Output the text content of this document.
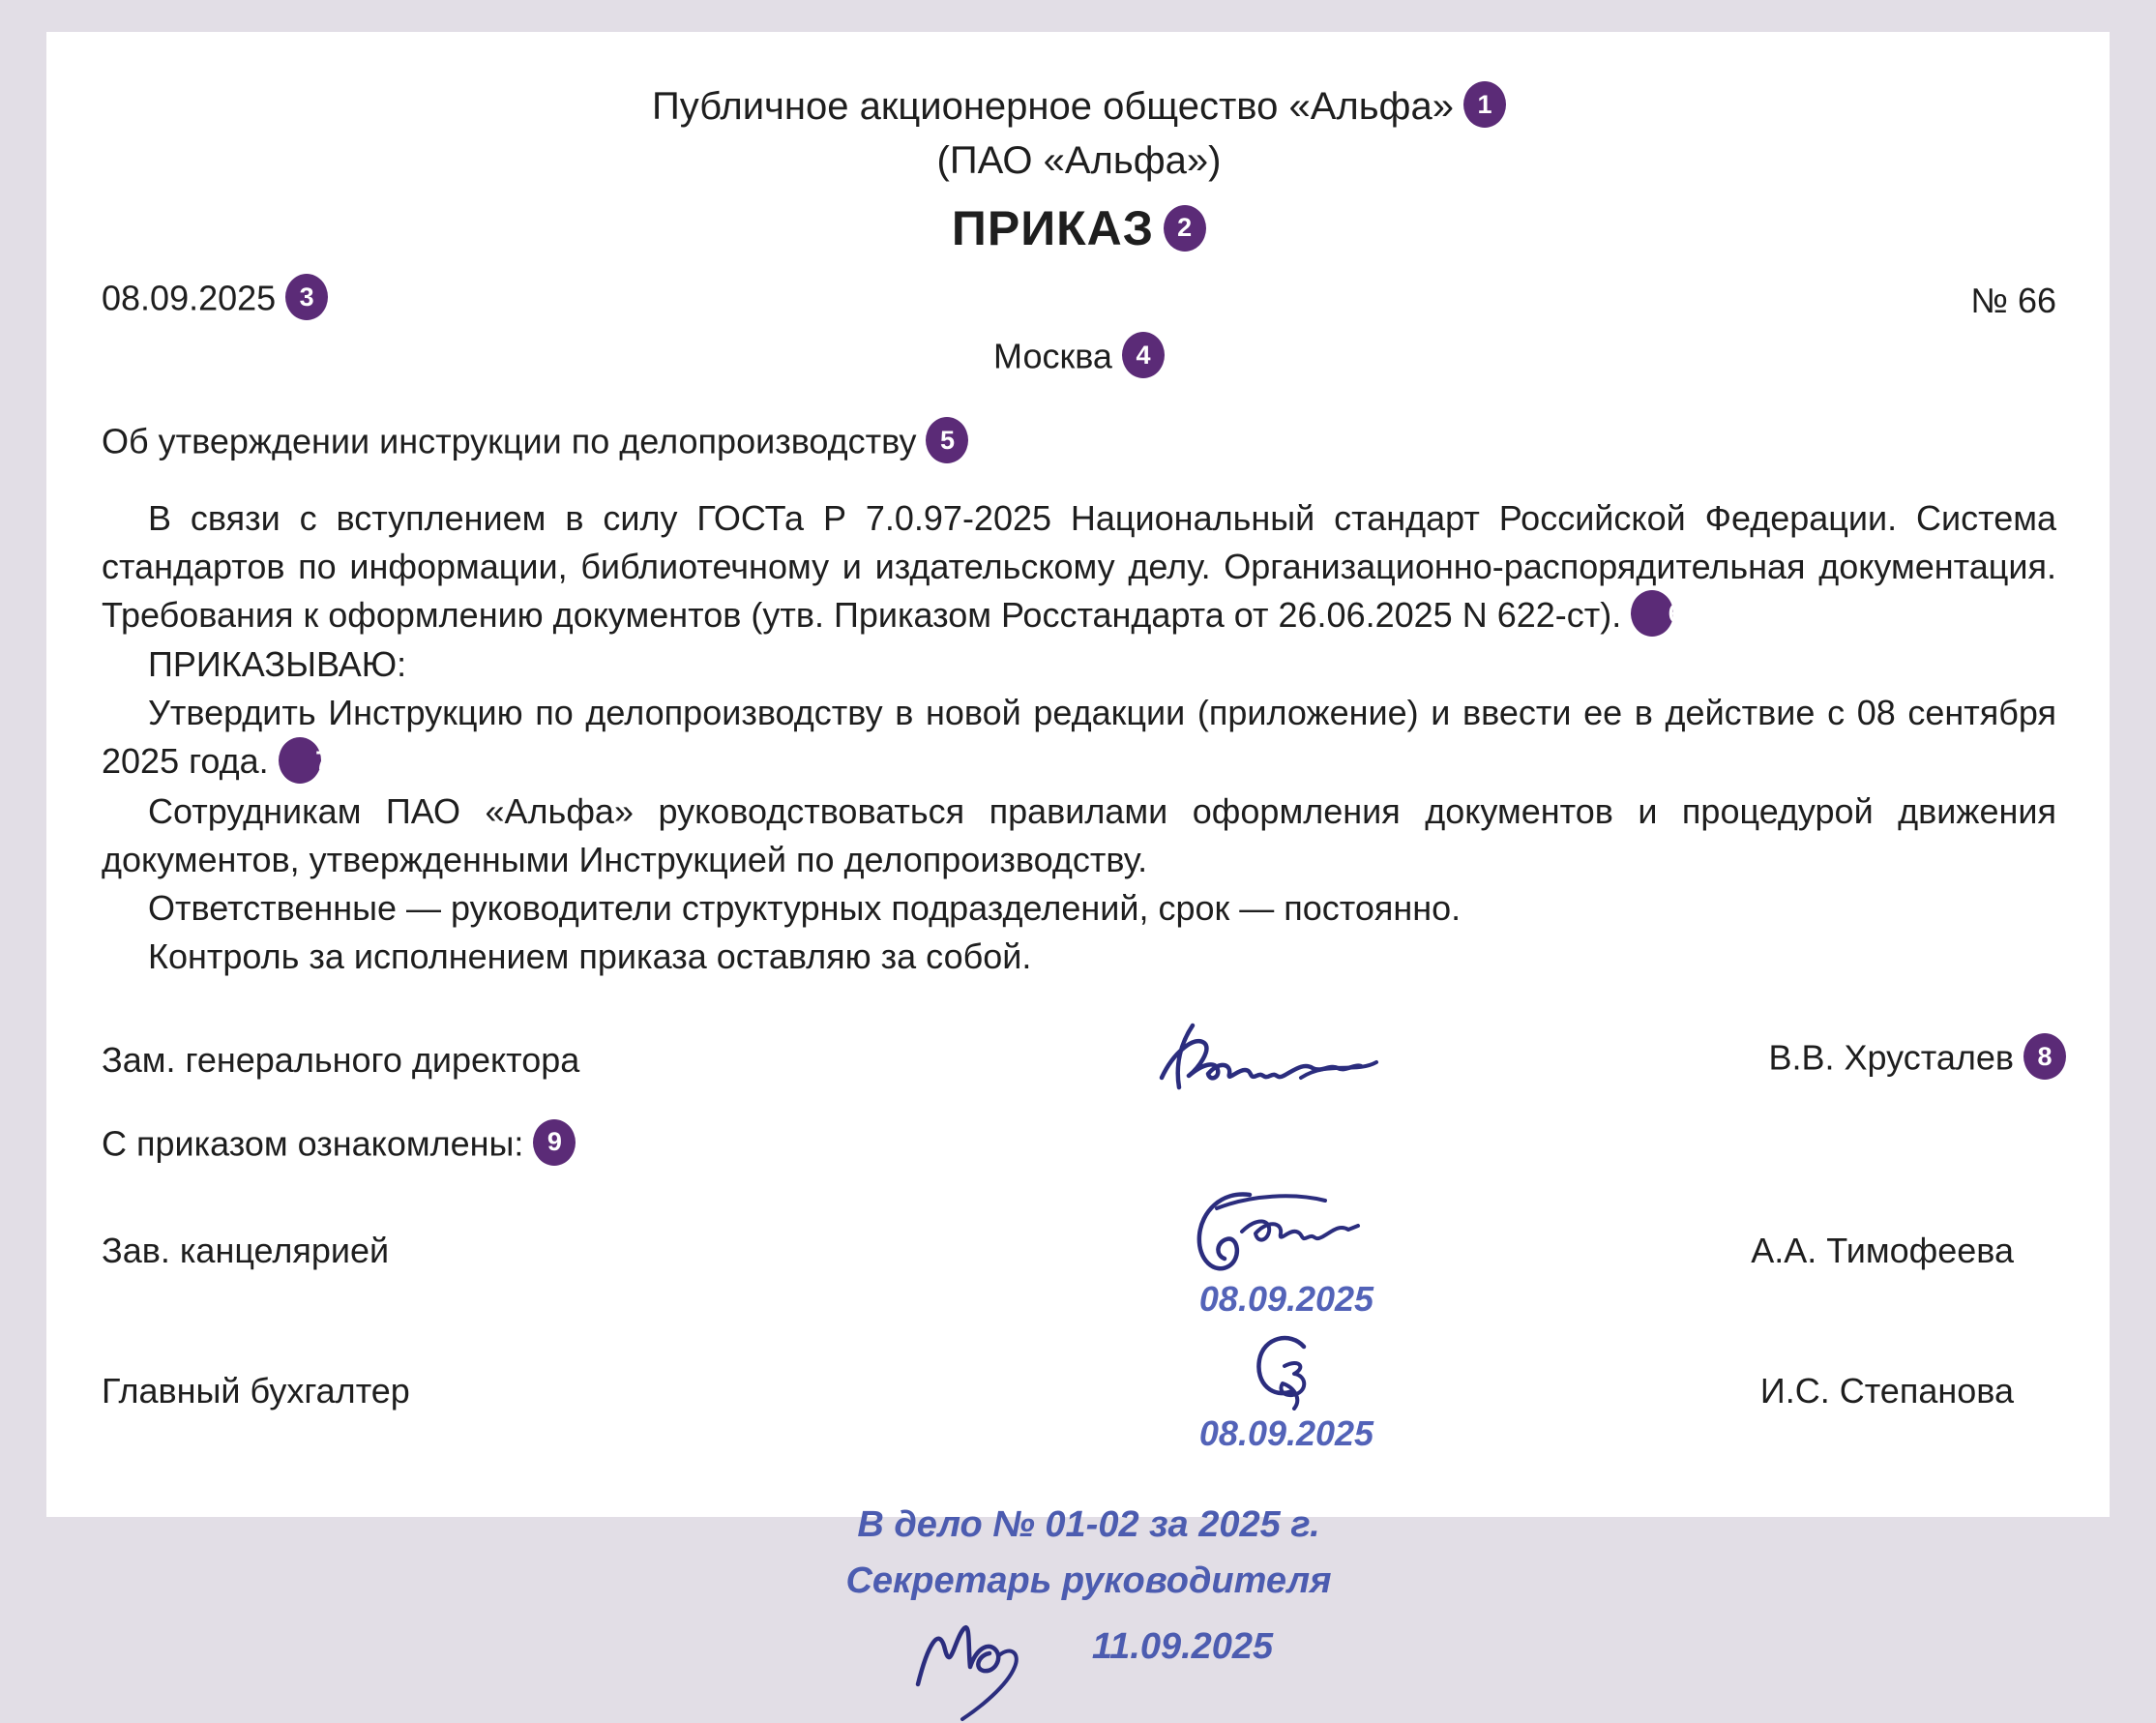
Публичное акционерное общество «Альфа» 1
(ПАО «Альфа»)
ПРИКАЗ 2
08.09.2025 3	№ 66
Москва 4
Об утверждении инструкции по делопроизводству 5

В связи с вступлением в силу ГОСТа Р 7.0.97-2025 Национальный стандарт Российской Федерации. Система стандартов по информации, библиотечному и издательскому делу. Организационно-распорядительная документация. Требования к оформлению документов (утв. Приказом Росстандарта от 26.06.2025 N 622-ст). 6

ПРИКАЗЫВАЮ:

Утвердить Инструкцию по делопроизводству в новой редакции (приложение) и ввести ее в действие с 08 сентября 2025 года. 7

Сотрудникам ПАО «Альфа» руководствоваться правилами оформления документов и процедурой движения документов, утвержденными Инструкцией по делопроизводству.

Ответственные — руководители структурных подразделений, срок — постоянно.

Контроль за исполнением приказа оставляю за собой.

Зам. генерального директора	В.В. Хрусталев 8
С приказом ознакомлены: 9
Зав. канцелярией
08.09.2025
А.А. Тимофеева
Главный бухгалтер
08.09.2025
И.С. Степанова
В дело № 01-02 за 2025 г.
Секретарь руководителя
11.09.2025
